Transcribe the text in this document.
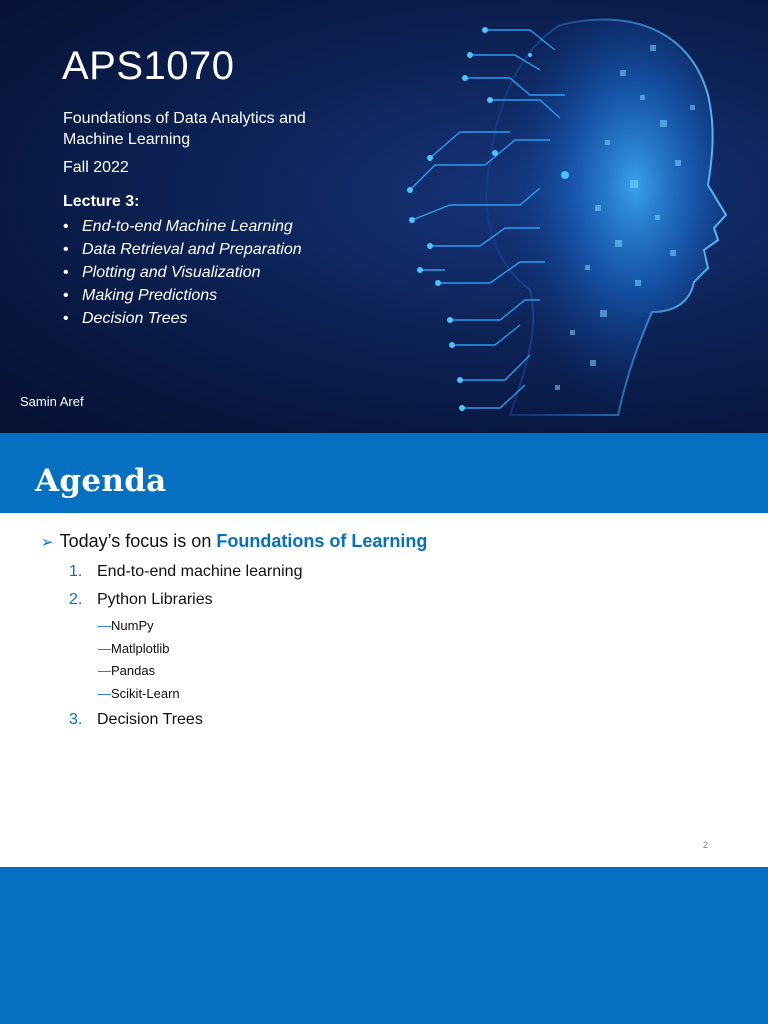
APS1070

Foundations of Data Analytics and Machine Learning

Fall 2022

Lecture 3:

• End-to-end Machine Learning
• Data Retrieval and Preparation
• Plotting and Visualization
• Making Predictions
• Decision Trees

Samin Aref

Agenda

➢ Today’s focus is on Foundations of Learning

1. End-to-end machine learning
2. Python Libraries
—NumPy
—Matlplotlib
—Pandas
—Scikit-Learn
3. Decision Trees

2
